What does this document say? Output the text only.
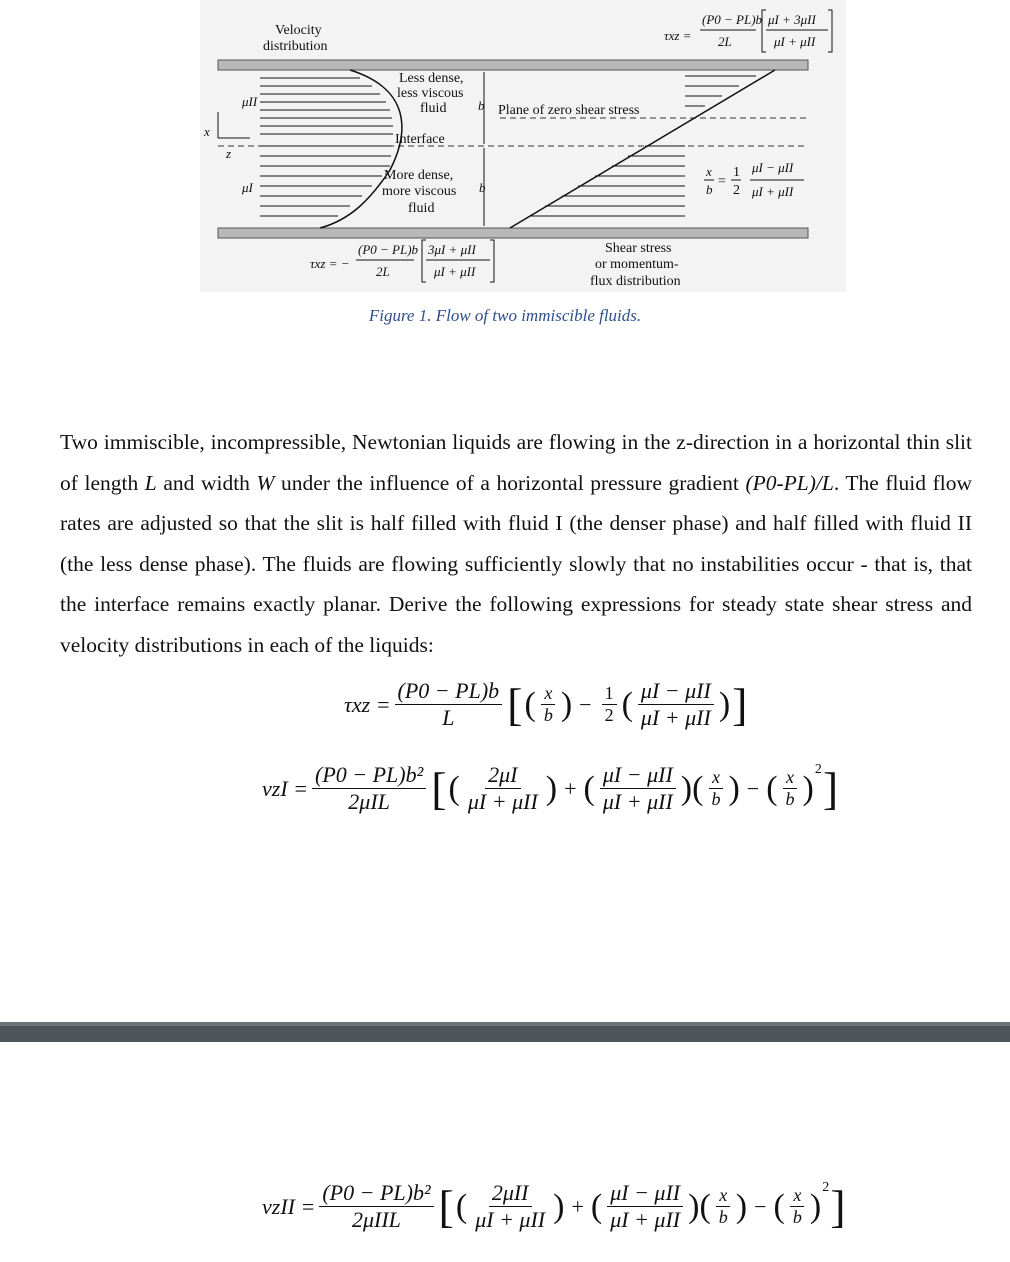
Velocity
distribution
μII
μI
x
z
Less dense,
less viscous
fluid b Plane of zero shear stress
Interface
More dense,
more viscous
fluid
b
Shear stress
or momentum-
flux distribution
τxz =
(P0 − PL)b
2L
μI + 3μII
μI + μII
τxz = −
(P0 − PL)b
2L
3μI + μII
μI + μII
x
b
=
1
2
μI − μII
μI + μII
Figure 1. Flow of two immiscible fluids.

Two immiscible, incompressible, Newtonian liquids are flowing in the z-direction in a horizontal thin slit of length L and width W under the influence of a horizontal pressure gradient (P0-PL)/L. The fluid flow rates are adjusted so that the slit is half filled with fluid I (the denser phase) and half filled with fluid II (the less dense phase). The fluids are flowing sufficiently slowly that no instabilities occur - that is, that the interface remains exactly planar. Derive the following expressions for steady state shear stress and velocity distributions in each of the liquids:

$\tau xz = \frac{(P0 - PL)b}{L}$ [ ( $\frac{x}{b}$ ) − $\frac{1}{2}$ ( $\frac{\text{μI − μII}}{\text{μI + μII}}$ ) ]
vzI = $\frac{\text{(P0 − PL)b²}}{\text{2μIL}}$ [ ( $\frac{2\mu I}{\text{μI + μII}}$ ) + ( $\frac{\text{μI − μII}}{\text{μI + μII}}$ )( $\frac{x}{b}$ ) − ( $\frac{x}{b}$ )
$^2$ ]
vzII = $\frac{\text{(P0 − PL)b²}}{\text{2μIIL}}$ [ ( $\frac{\text{2μII}}{\text{μI + μII}}$ ) + ( $\frac{\text{μI − μII}}{\text{μI + μII}}$ )( $\frac{x}{b}$ ) − ( $\frac{x}{b}$ )
$^2$ ]
